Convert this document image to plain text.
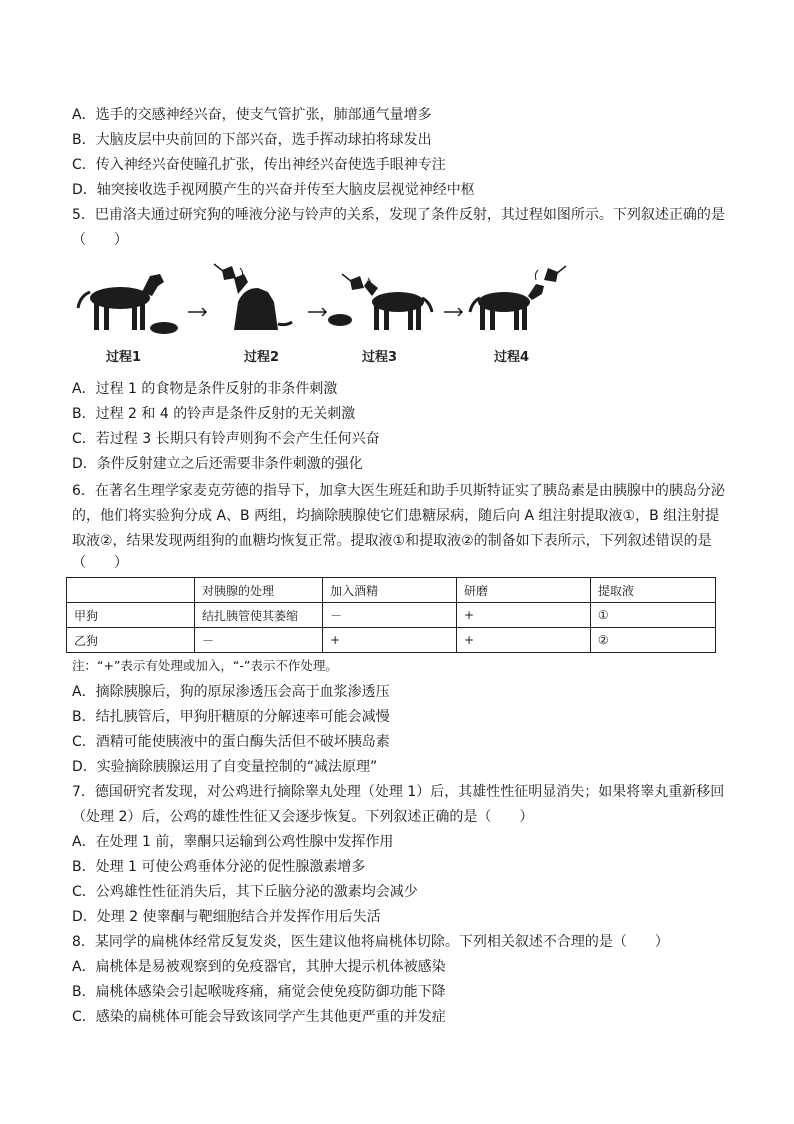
A．选手的交感神经兴奋，使支气管扩张，肺部通气量增多
B．大脑皮层中央前回的下部兴奋，选手挥动球拍将球发出
C．传入神经兴奋使瞳孔扩张，传出神经兴奋使选手眼神专注
D．轴突接收选手视网膜产生的兴奋并传至大脑皮层视觉神经中枢
5．巴甫洛夫通过研究狗的唾液分泌与铃声的关系，发现了条件反射，其过程如图所示。下列叙述正确的是
（　　）
过程1	过程2	过程3	过程4
A．过程 1 的食物是条件反射的非条件刺激
B．过程 2 和 4 的铃声是条件反射的无关刺激
C．若过程 3 长期只有铃声则狗不会产生任何兴奋
D．条件反射建立之后还需要非条件刺激的强化
6．在著名生理学家麦克劳德的指导下，加拿大医生班廷和助手贝斯特证实了胰岛素是由胰腺中的胰岛分泌
的，他们将实验狗分成 A、B 两组，均摘除胰腺使它们患糖尿病，随后向 A 组注射提取液①，B 组注射提
取液②，结果发现两组狗的血糖均恢复正常。提取液①和提取液②的制备如下表所示，下列叙述错误的是
（　　）
	对胰腺的处理	加入酒精	研磨	提取液
甲狗	结扎胰管使其萎缩	－	+	①
乙狗	－	+	+	②
注：“+”表示有处理或加入，“-”表示不作处理。
A．摘除胰腺后，狗的原尿渗透压会高于血浆渗透压
B．结扎胰管后，甲狗肝糖原的分解速率可能会减慢
C．酒精可能使胰液中的蛋白酶失活但不破坏胰岛素
D．实验摘除胰腺运用了自变量控制的“减法原理”
7．德国研究者发现，对公鸡进行摘除睾丸处理（处理 1）后，其雄性性征明显消失；如果将睾丸重新移回
（处理 2）后，公鸡的雄性性征又会逐步恢复。下列叙述正确的是（　　）
A．在处理 1 前，睾酮只运输到公鸡性腺中发挥作用
B．处理 1 可使公鸡垂体分泌的促性腺激素增多
C．公鸡雄性性征消失后，其下丘脑分泌的激素均会减少
D．处理 2 使睾酮与靶细胞结合并发挥作用后失活
8．某同学的扁桃体经常反复发炎，医生建议他将扁桃体切除。下列相关叙述不合理的是（　　）
A．扁桃体是易被观察到的免疫器官，其肿大提示机体被感染
B．扁桃体感染会引起喉咙疼痛，痛觉会使免疫防御功能下降
C．感染的扁桃体可能会导致该同学产生其他更严重的并发症
